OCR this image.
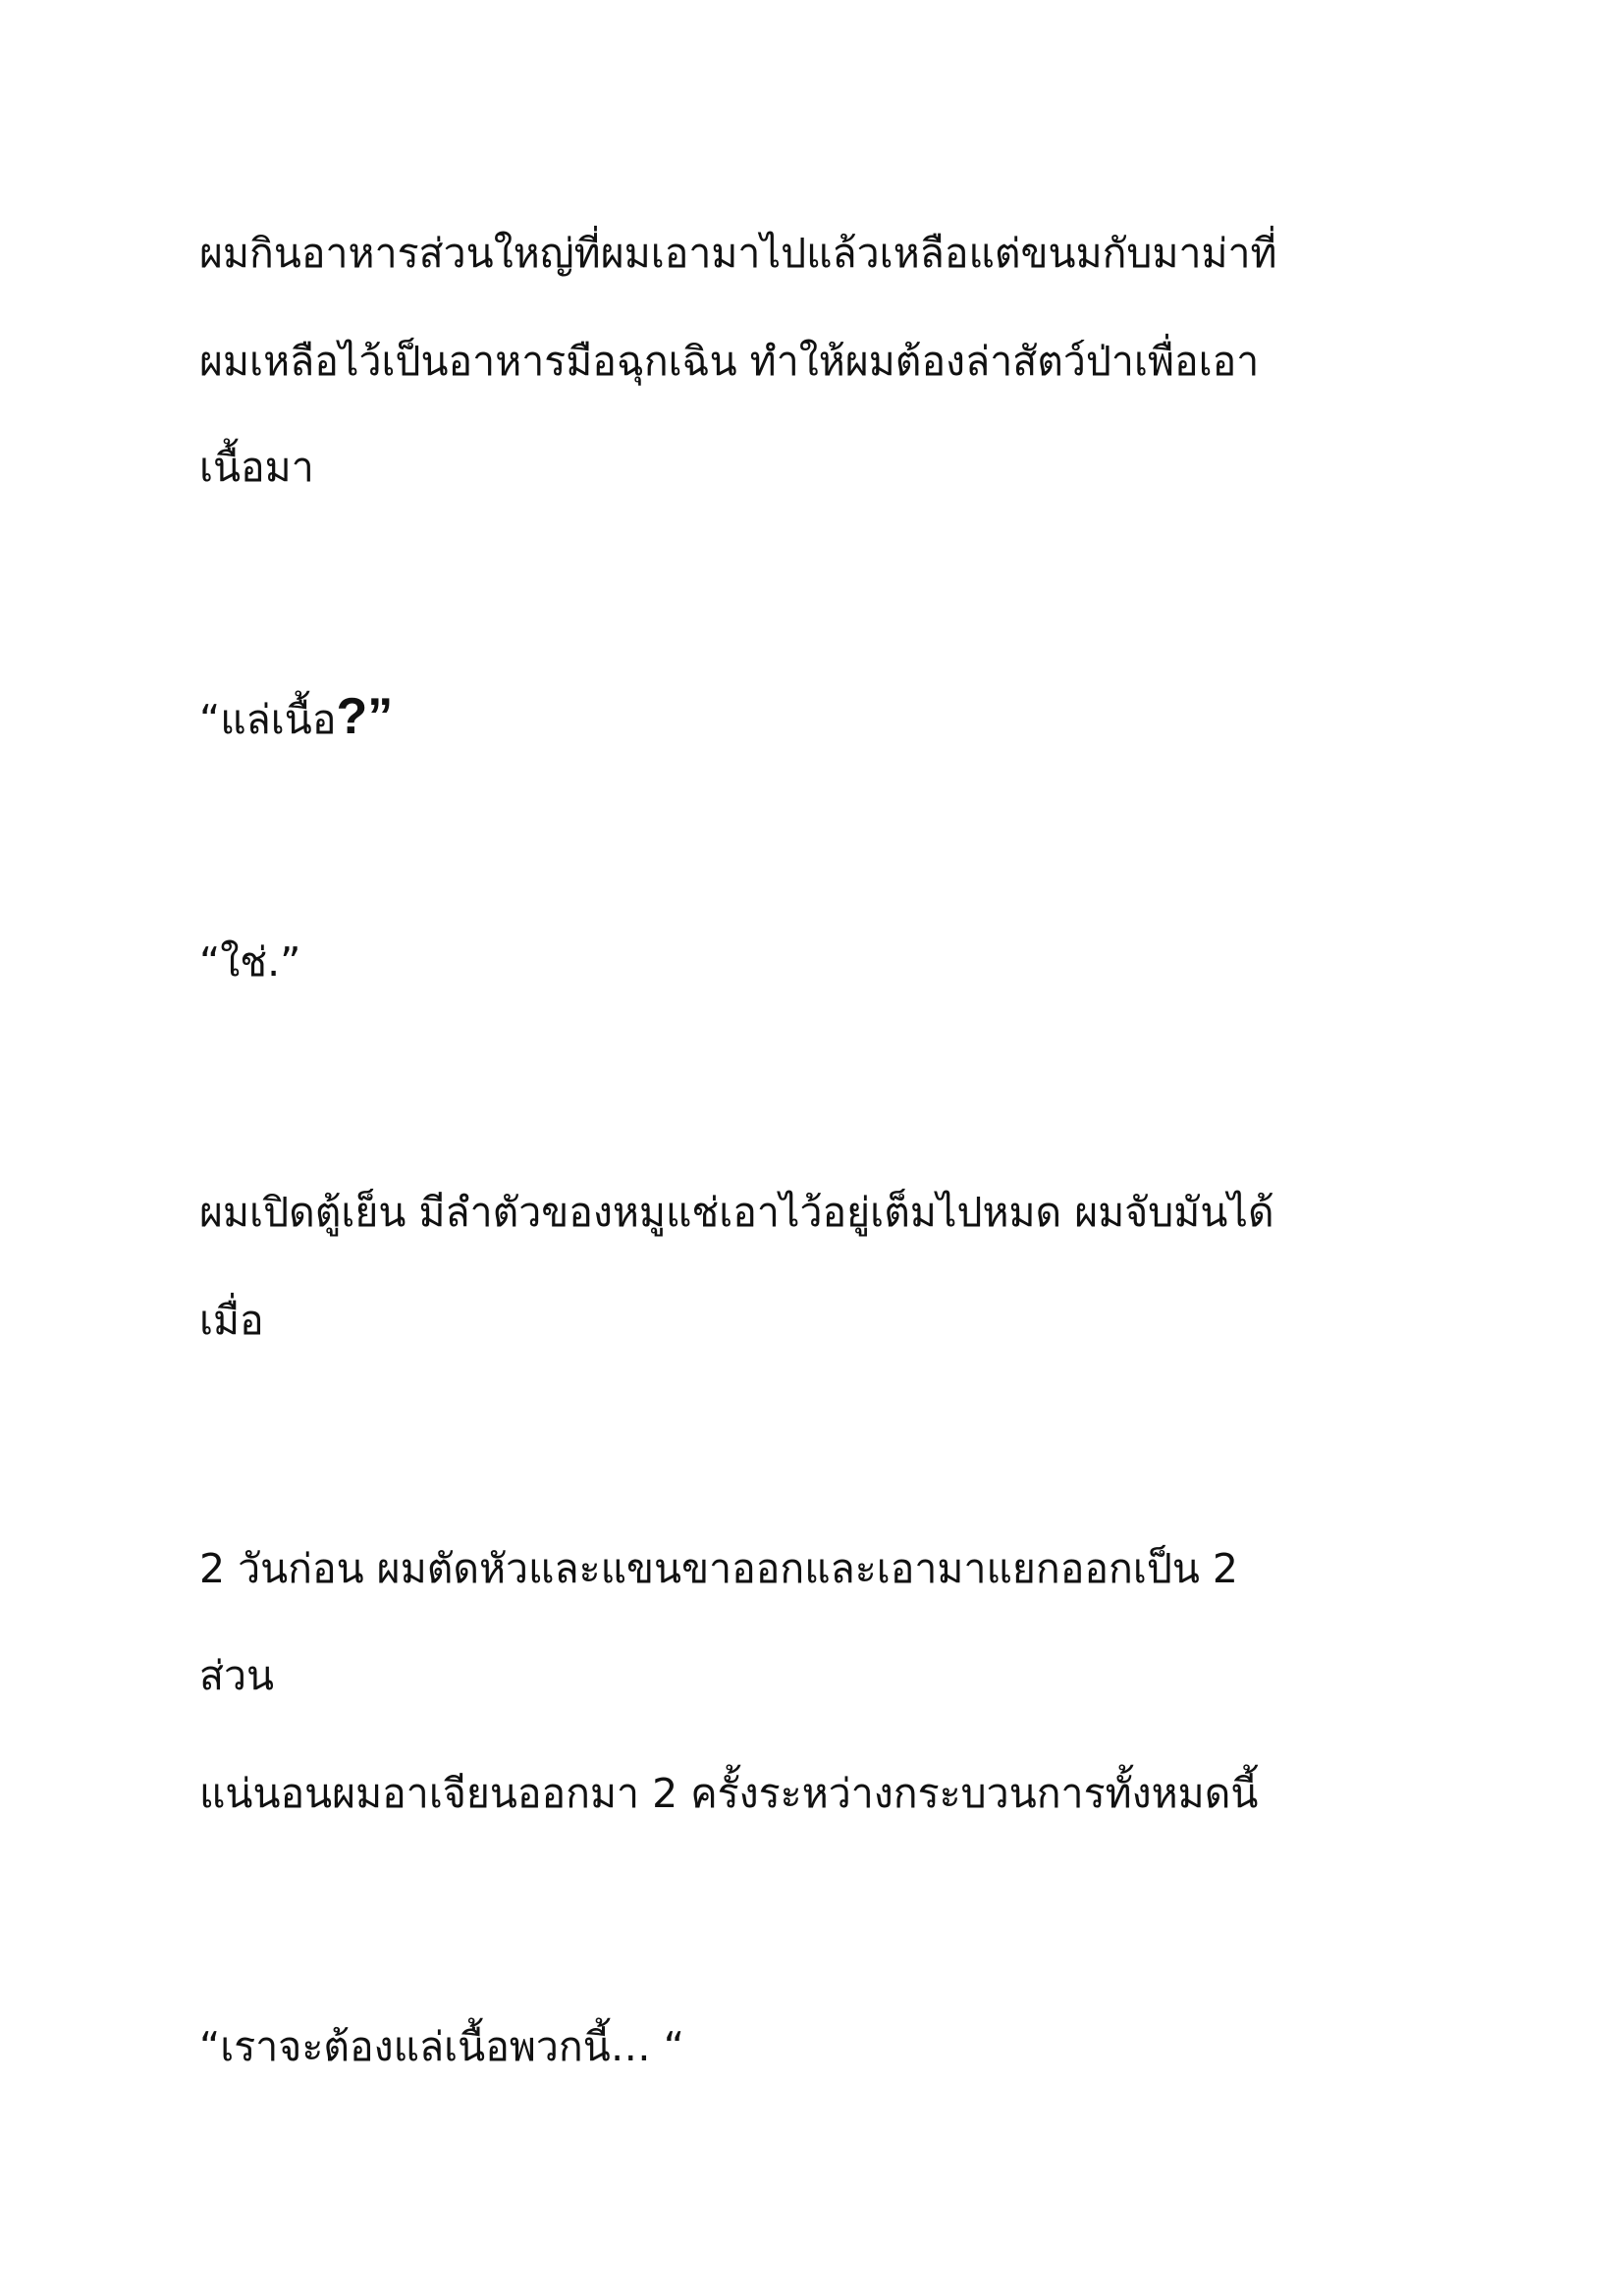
ผมกินอาหารส่วนใหญ่ที่ผมเอามาไปแล้วเหลือแต่ขนมกับมาม่าที่
ผมเหลือไว้เป็นอาหารมือฉุกเฉิน ทำให้ผมต้องล่าสัตว์ป่าเพื่อเอา
เนื้อมา
“แล่เนื้อ?”
“ใช่.”
ผมเปิดตู้เย็น มีลำตัวของหมูแช่เอาไว้อยู่เต็มไปหมด ผมจับมันได้
เมื่อ
2 วันก่อน ผมตัดหัวและแขนขาออกและเอามาแยกออกเป็น 2
ส่วน
แน่นอนผมอาเจียนออกมา 2 ครั้งระหว่างกระบวนการทั้งหมดนี้
“เราจะต้องแล่เนื้อพวกนี้… “
